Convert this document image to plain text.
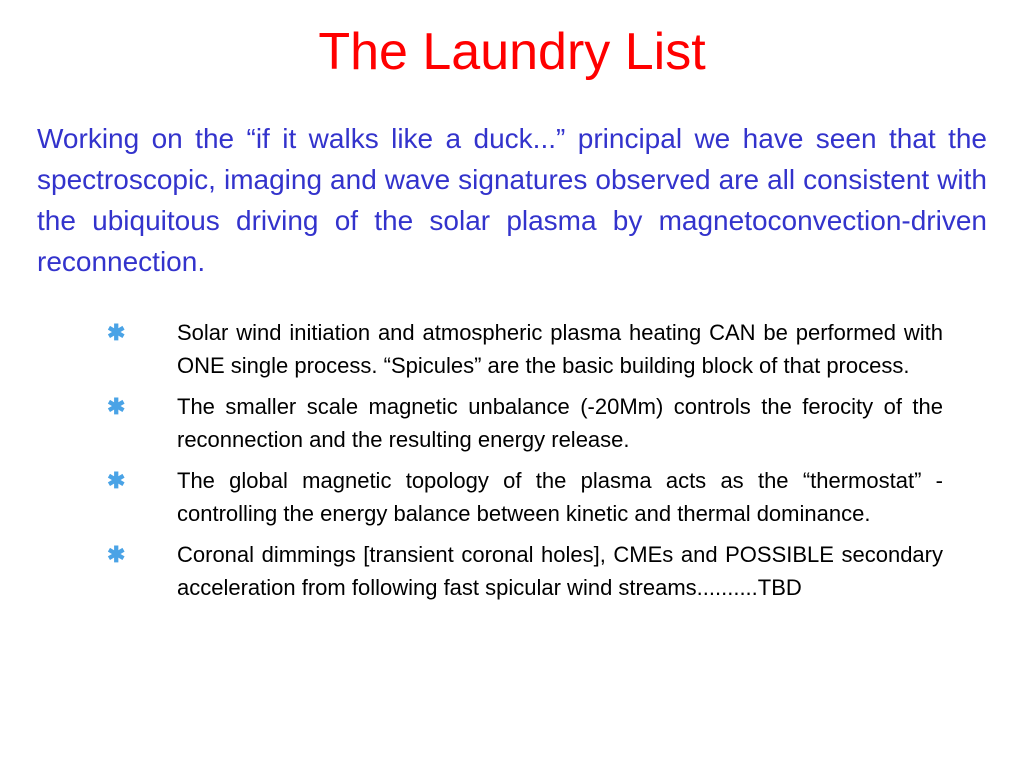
The Laundry List

Working on the “if it walks like a duck...” principal we have seen that the spectroscopic, imaging and wave signatures observed are all consistent with the ubiquitous driving of the solar plasma by magnetoconvection-driven reconnection.

✱	Solar wind initiation and atmospheric plasma heating CAN be performed with ONE single process. “Spicules” are the basic building block of that process.
✱	The smaller scale magnetic unbalance (-20Mm) controls the ferocity of the reconnection and the resulting energy release.
✱	The global magnetic topology of the plasma acts as the “thermostat” - controlling the energy balance between kinetic and thermal dominance.
✱	Coronal dimmings [transient coronal holes], CMEs and POSSIBLE secondary acceleration from following fast spicular wind streams..........TBD
